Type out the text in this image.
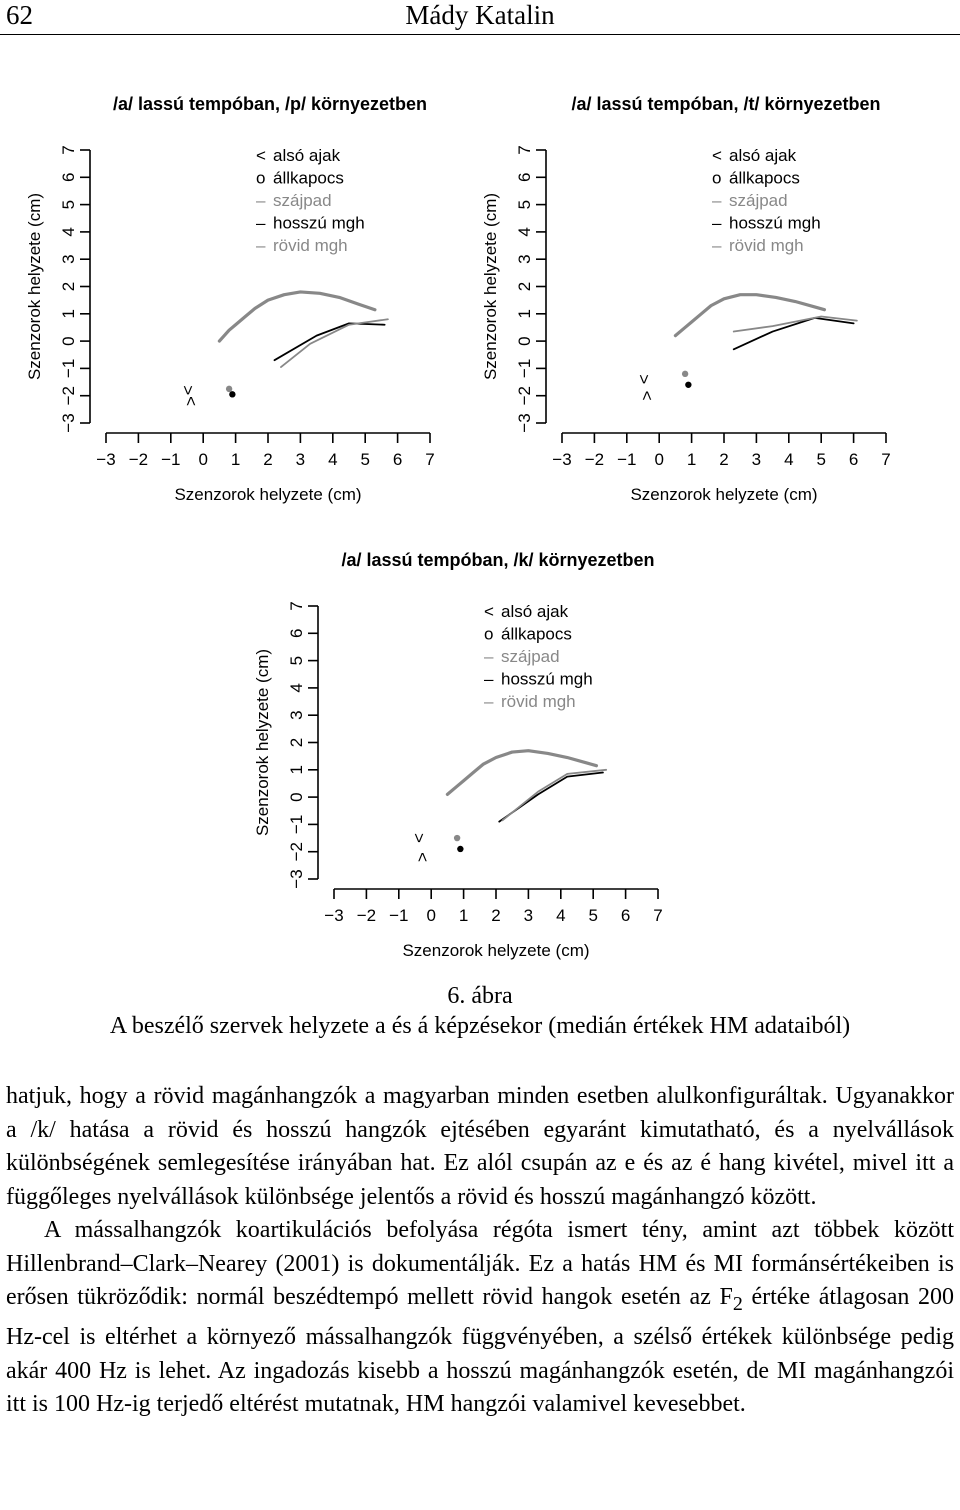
62	Mády Katalin
/a/ lassú tempóban, /p/ környezetben
−3
−2
−1
0
1
2
3
4
5
6
7
Szenzorok helyzete (cm)
−3 −2 −1 0 1 2 3 4 5 6 7
Szenzorok helyzete (cm)
< alsó ajak
o állkapocs
– szájpad
– hosszú mgh
– rövid mgh
<
>
/a/ lassú tempóban, /t/ környezetben
−3
−2
−1
0
1
2
3
4
5
6
7
Szenzorok helyzete (cm)
−3 −2 −1 0 1 2 3 4 5 6 7
Szenzorok helyzete (cm)
< alsó ajak
o állkapocs
– szájpad
– hosszú mgh
– rövid mgh
<
>
/a/ lassú tempóban, /k/ környezetben
−3
−2
−1
0
1
2
3
4
5
6
7
Szenzorok helyzete (cm)
−3 −2 −1 0 1 2 3 4 5 6 7
Szenzorok helyzete (cm)
< alsó ajak
o állkapocs
– szájpad
– hosszú mgh
– rövid mgh
<
>
6. ábra
A beszélő szervek helyzete a és á képzésekor (medián értékek HM adataiból)

hatjuk, hogy a rövid magánhangzók a magyarban minden esetben alulkonfiguráltak. Ugyanakkor a /k/ hatása a rövid és hosszú hangzók ejtésében egyaránt kimutatható, és a nyelvállások különbségének semlegesítése irányában hat. Ez alól csupán az e és az é hang kivétel, mivel itt a függőleges nyelvállások különbsége jelentős a rövid és hosszú magánhangzó között.

A mássalhangzók koartikulációs befolyása régóta ismert tény, amint azt többek között Hillenbrand–Clark–Nearey (2001) is dokumentálják. Ez a hatás HM és MI formánsértékeiben is erősen tükröződik: normál beszédtempó mellett rövid hangok esetén az $F_2$ értéke átlagosan 200 Hz-cel is eltérhet a környező mássalhangzók függvényében, a szélső értékek különbsége pedig akár 400 Hz is lehet. Az ingadozás kisebb a hosszú magánhangzók esetén, de MI magánhangzói itt is 100 Hz-ig terjedő eltérést mutatnak, HM hangzói valamivel kevesebbet.
